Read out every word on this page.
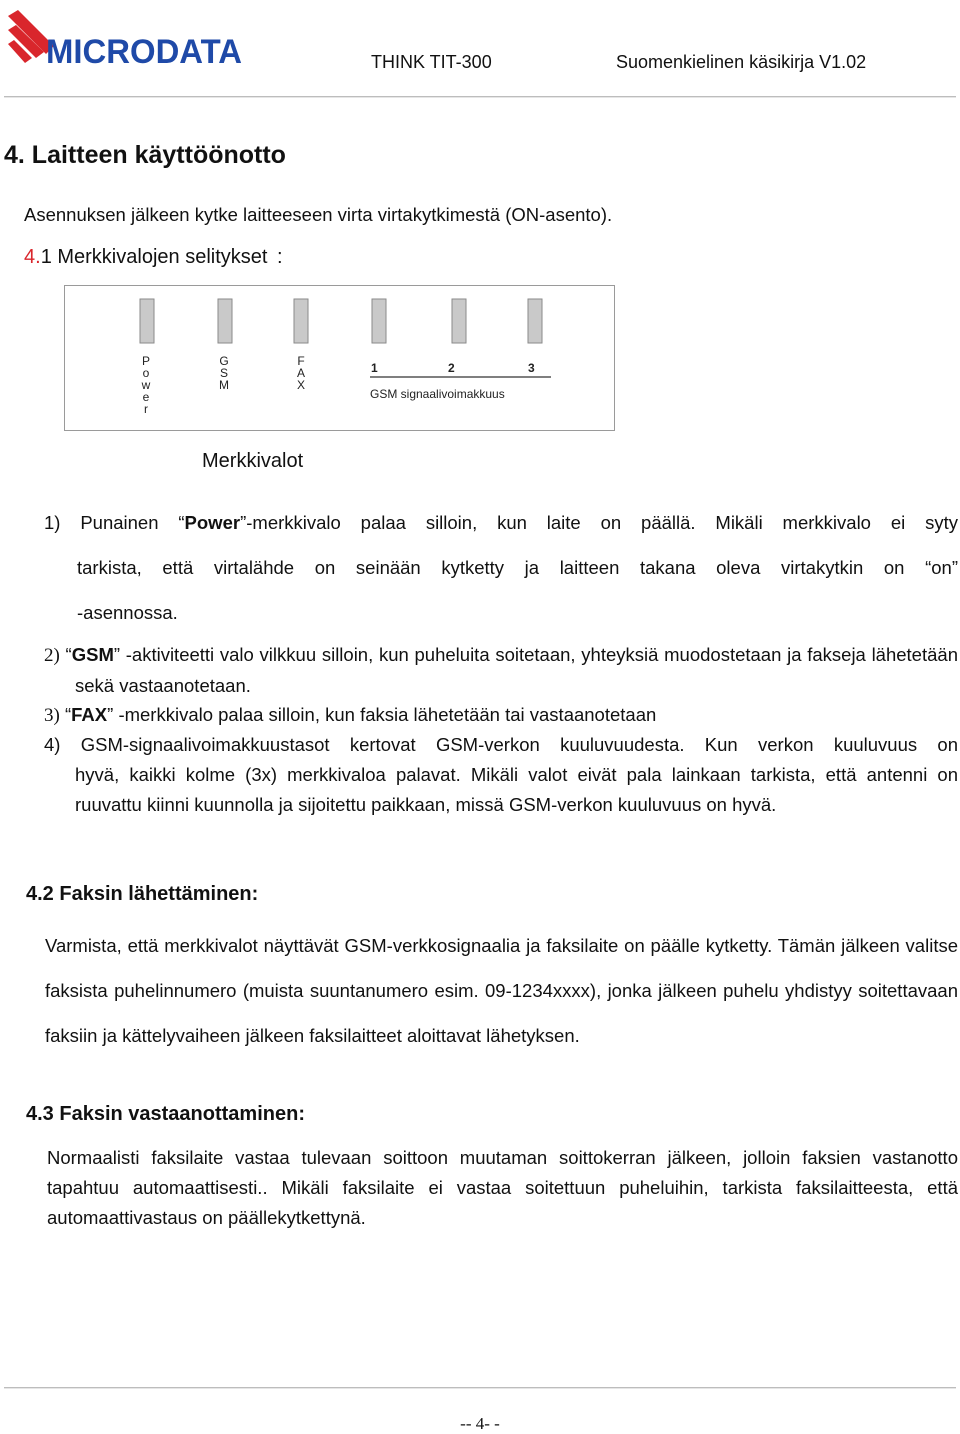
MICRODATA	THINK TIT-300	Suomenkielinen käsikirja V1.02
4. Laitteen käyttöönotto
Asennuksen jälkeen kytke laitteeseen virta virtakytkimestä (ON-asento).
4.1 Merkkivalojen selitykset :
P o w e r
G S M
F A X
1	2	3
GSM signaalivoimakkuus
Merkkivalot
1) Punainen “Power”-merkkivalo palaa silloin, kun laite on päällä. Mikäli merkkivalo ei syty
tarkista, että virtalähde on seinään kytketty ja laitteen takana oleva virtakytkin on “on”
-asennossa.
2) “GSM” -aktiviteetti valo vilkkuu silloin, kun puheluita soitetaan, yhteyksiä muodostetaan ja fakseja lähetetään sekä vastaanotetaan.
3) “FAX” -merkkivalo palaa silloin, kun faksia lähetetään tai vastaanotetaan
4) GSM-signaalivoimakkuustasot kertovat GSM-verkon kuuluvuudesta. Kun verkon kuuluvuus on
hyvä, kaikki kolme (3x) merkkivaloa palavat. Mikäli valot eivät pala lainkaan tarkista, että antenni on ruuvattu kiinni kuunnolla ja sijoitettu paikkaan, missä GSM-verkon kuuluvuus on hyvä.
4.2 Faksin lähettäminen:
Varmista, että merkkivalot näyttävät GSM-verkkosignaalia ja faksilaite on päälle kytketty. Tämän jälkeen valitse faksista puhelinnumero (muista suuntanumero esim. 09-1234xxxx), jonka jälkeen puhelu yhdistyy soitettavaan faksiin ja kättelyvaiheen jälkeen faksilaitteet aloittavat lähetyksen.
4.3 Faksin vastaanottaminen:
Normaalisti faksilaite vastaa tulevaan soittoon muutaman soittokerran jälkeen, jolloin faksien vastanotto tapahtuu automaattisesti.. Mikäli faksilaite ei vastaa soitettuun puheluihin, tarkista faksilaitteesta, että automaattivastaus on päällekytkettynä.
-- 4- -
